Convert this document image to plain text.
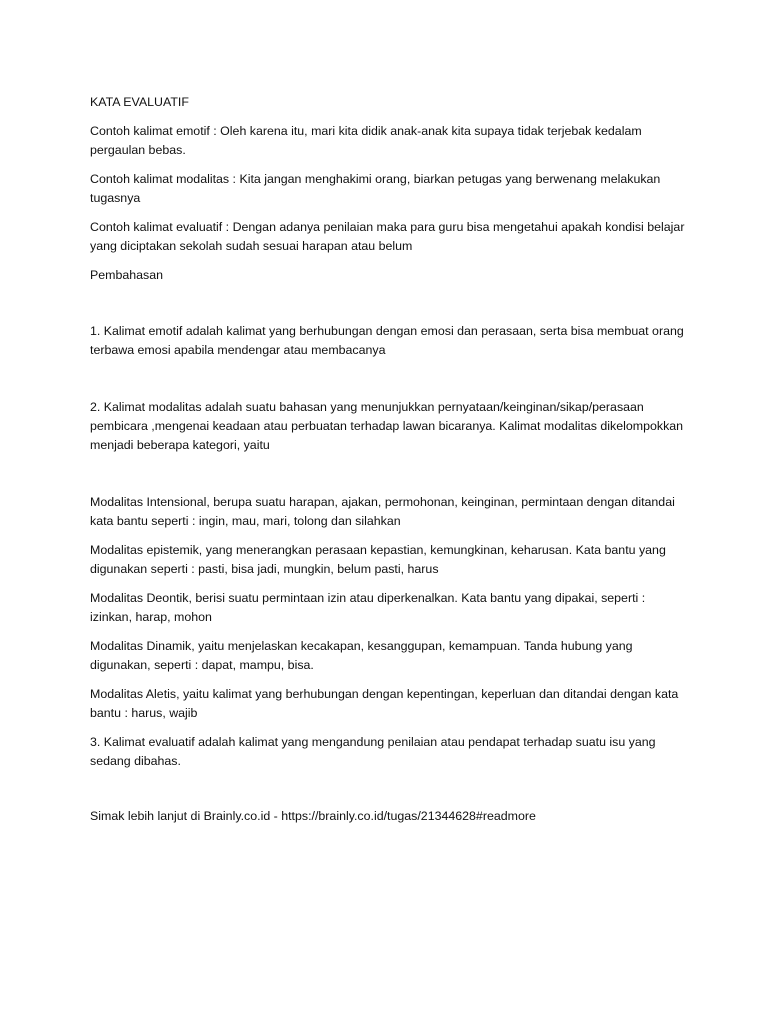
KATA EVALUATIF

Contoh kalimat emotif : Oleh karena itu, mari kita didik anak-anak kita supaya tidak terjebak kedalam pergaulan bebas.

Contoh kalimat modalitas : Kita jangan menghakimi orang, biarkan petugas yang berwenang melakukan tugasnya

Contoh kalimat evaluatif : Dengan adanya penilaian maka para guru bisa mengetahui apakah kondisi belajar yang diciptakan sekolah sudah sesuai harapan atau belum

Pembahasan

1. Kalimat emotif adalah kalimat yang berhubungan dengan emosi dan perasaan, serta bisa membuat orang terbawa emosi apabila mendengar atau membacanya

2. Kalimat modalitas adalah suatu bahasan yang menunjukkan pernyataan/keinginan/sikap/perasaan pembicara ,mengenai keadaan atau perbuatan terhadap lawan bicaranya. Kalimat modalitas dikelompokkan menjadi beberapa kategori, yaitu

Modalitas Intensional, berupa suatu harapan, ajakan, permohonan, keinginan, permintaan dengan ditandai kata bantu seperti : ingin, mau, mari, tolong dan silahkan

Modalitas epistemik, yang menerangkan perasaan kepastian, kemungkinan, keharusan. Kata bantu yang digunakan seperti : pasti, bisa jadi, mungkin, belum pasti, harus

Modalitas Deontik, berisi suatu permintaan izin atau diperkenalkan. Kata bantu yang dipakai, seperti : izinkan, harap, mohon

Modalitas Dinamik, yaitu menjelaskan kecakapan, kesanggupan, kemampuan. Tanda hubung yang digunakan, seperti : dapat, mampu, bisa.

Modalitas Aletis, yaitu kalimat yang berhubungan dengan kepentingan, keperluan dan ditandai dengan kata bantu : harus, wajib

3. Kalimat evaluatif adalah kalimat yang mengandung penilaian atau pendapat terhadap suatu isu yang sedang dibahas.

Simak lebih lanjut di Brainly.co.id - https://brainly.co.id/tugas/21344628#readmore
